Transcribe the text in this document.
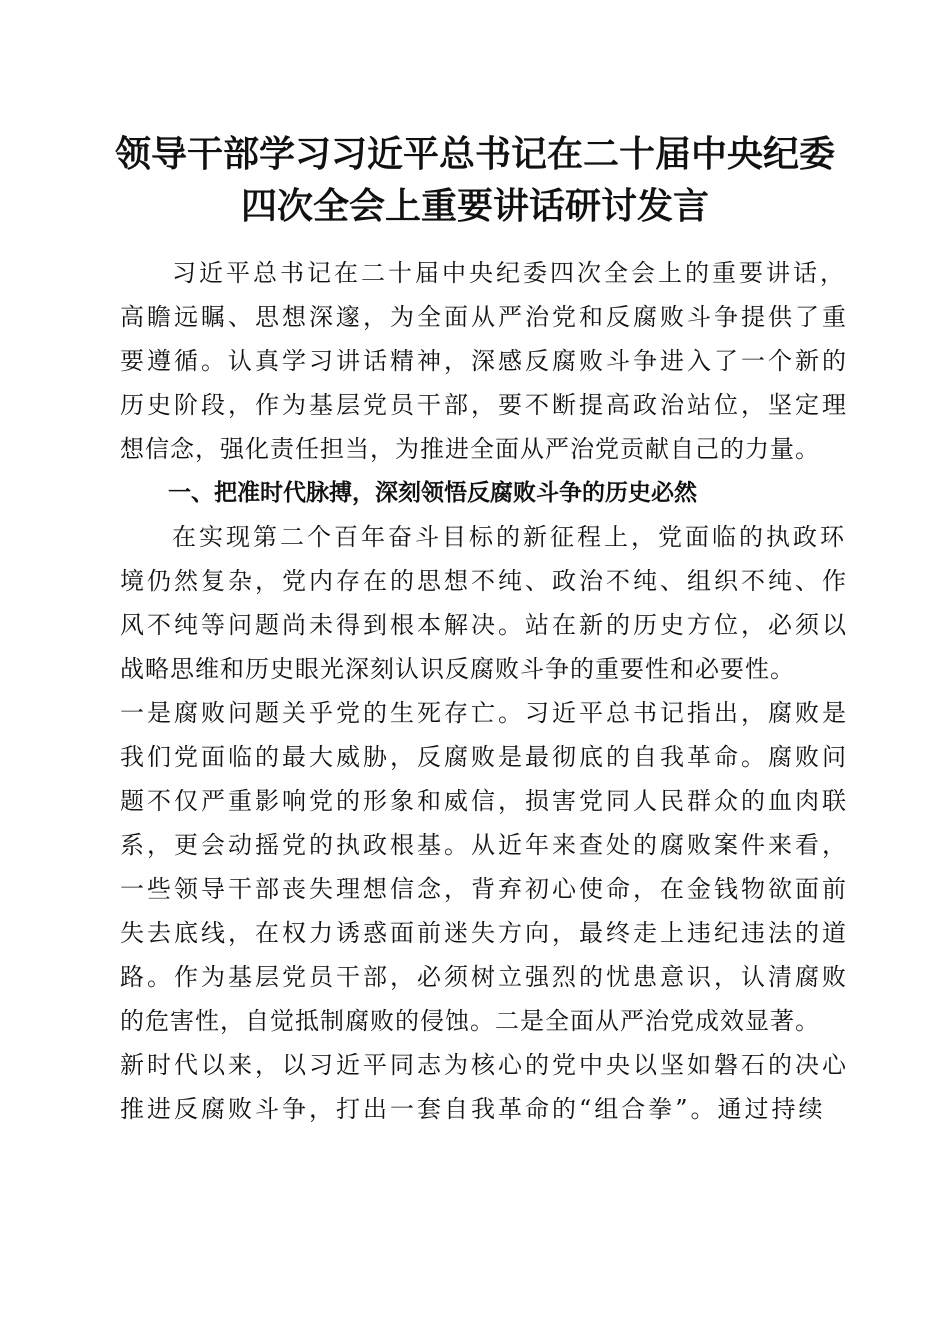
领导干部学习习近平总书记在二十届中央纪委
四次全会上重要讲话研讨发言
习近平总书记在二十届中央纪委四次全会上的重要讲话，
高瞻远瞩、思想深邃，为全面从严治党和反腐败斗争提供了重
要遵循。认真学习讲话精神，深感反腐败斗争进入了一个新的
历史阶段，作为基层党员干部，要不断提高政治站位，坚定理
想信念，强化责任担当，为推进全面从严治党贡献自己的力量。
一、把准时代脉搏，深刻领悟反腐败斗争的历史必然
在实现第二个百年奋斗目标的新征程上，党面临的执政环
境仍然复杂，党内存在的思想不纯、政治不纯、组织不纯、作
风不纯等问题尚未得到根本解决。站在新的历史方位，必须以
战略思维和历史眼光深刻认识反腐败斗争的重要性和必要性。
一是腐败问题关乎党的生死存亡。习近平总书记指出，腐败是
我们党面临的最大威胁，反腐败是最彻底的自我革命。腐败问
题不仅严重影响党的形象和威信，损害党同人民群众的血肉联
系，更会动摇党的执政根基。从近年来查处的腐败案件来看，
一些领导干部丧失理想信念，背弃初心使命，在金钱物欲面前
失去底线，在权力诱惑面前迷失方向，最终走上违纪违法的道
路。作为基层党员干部，必须树立强烈的忧患意识，认清腐败
的危害性，自觉抵制腐败的侵蚀。二是全面从严治党成效显著。
新时代以来，以习近平同志为核心的党中央以坚如磐石的决心
推进反腐败斗争，打出一套自我革命的“组合拳”。通过持续
